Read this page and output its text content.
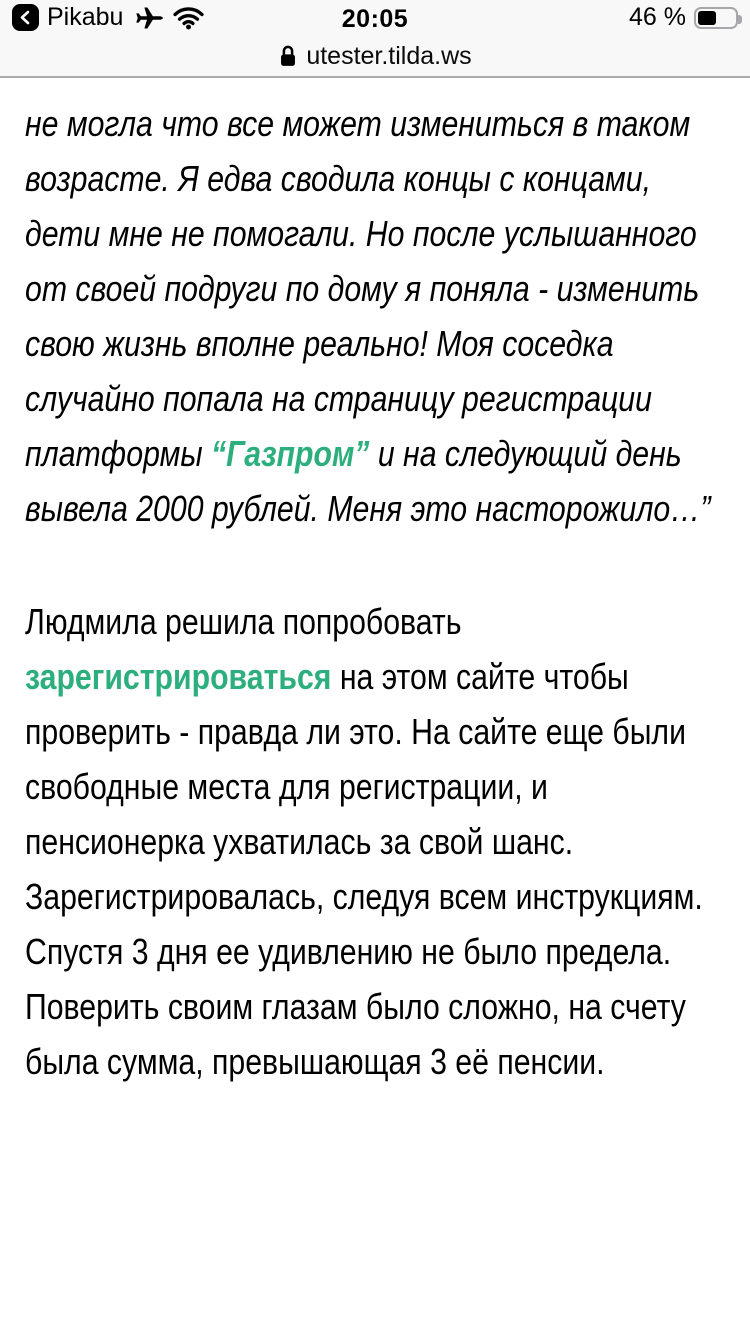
Pikabu	20:05	46 %
utester.tilda.ws

не могла что все может измениться в таком возрасте. Я едва сводила концы с концами, дети мне не помогали. Но после услышанного от своей подруги по дому я поняла - изменить свою жизнь вполне реально! Моя соседка случайно попала на страницу регистрации платформы “Газпром” и на следующий день вывела 2000 рублей. Меня это насторожило…”

Людмила решила попробовать зарегистрироваться на этом сайте чтобы проверить - правда ли это. На сайте еще были свободные места для регистрации, и пенсионерка ухватилась за свой шанс. Зарегистрировалась, следуя всем инструкциям. Спустя 3 дня ее удивлению не было предела. Поверить своим глазам было сложно, на счету была сумма, превышающая 3 её пенсии.
